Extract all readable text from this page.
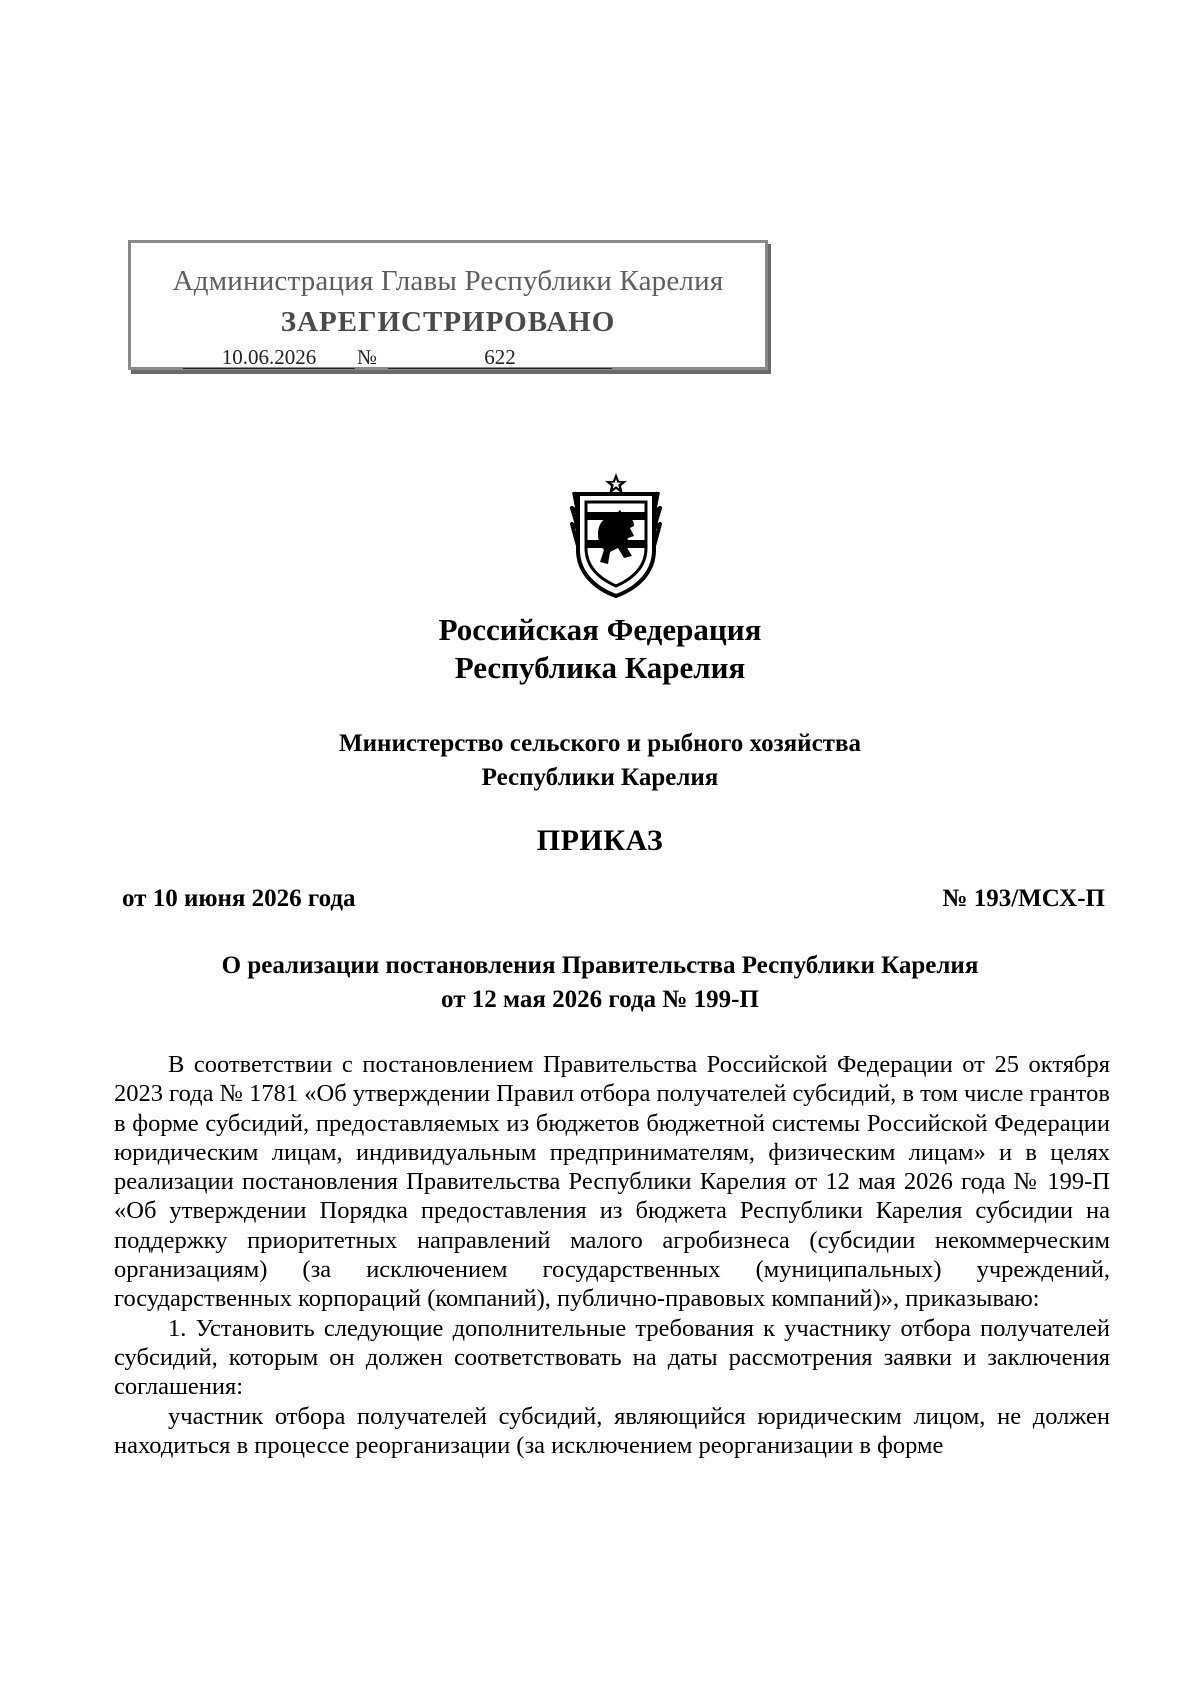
Администрация Главы Республики Карелия
ЗАРЕГИСТРИРОВАНО
10.06.2026	№	622
Российская Федерация
Республика Карелия
Министерство сельского и рыбного хозяйства
Республики Карелия
ПРИКАЗ
от 10 июня 2026 года	№ 193/МСХ-П
О реализации постановления Правительства Республики Карелия
от 12 мая 2026 года № 199-П

В соответствии с постановлением Правительства Российской Федерации от 25 октября 2023 года № 1781 «Об утверждении Правил отбора получателей субсидий, в том числе грантов в форме субсидий, предоставляемых из бюджетов бюджетной системы Российской Федерации юридическим лицам, индивидуальным предпринимателям, физическим лицам» и в целях реализации постановления Правительства Республики Карелия от 12 мая 2026 года № 199-П «Об утверждении Порядка предоставления из бюджета Республики Карелия субсидии на поддержку приоритетных направлений малого агробизнеса (субсидии некоммерческим организациям) (за исключением государственных (муниципальных) учреждений, государственных корпораций (компаний), публично-правовых компаний)», приказываю:

1. Установить следующие дополнительные требования к участнику отбора получателей субсидий, которым он должен соответствовать на даты рассмотрения заявки и заключения соглашения:

участник отбора получателей субсидий, являющийся юридическим лицом, не должен находиться в процессе реорганизации (за исключением реорганизации в форме
